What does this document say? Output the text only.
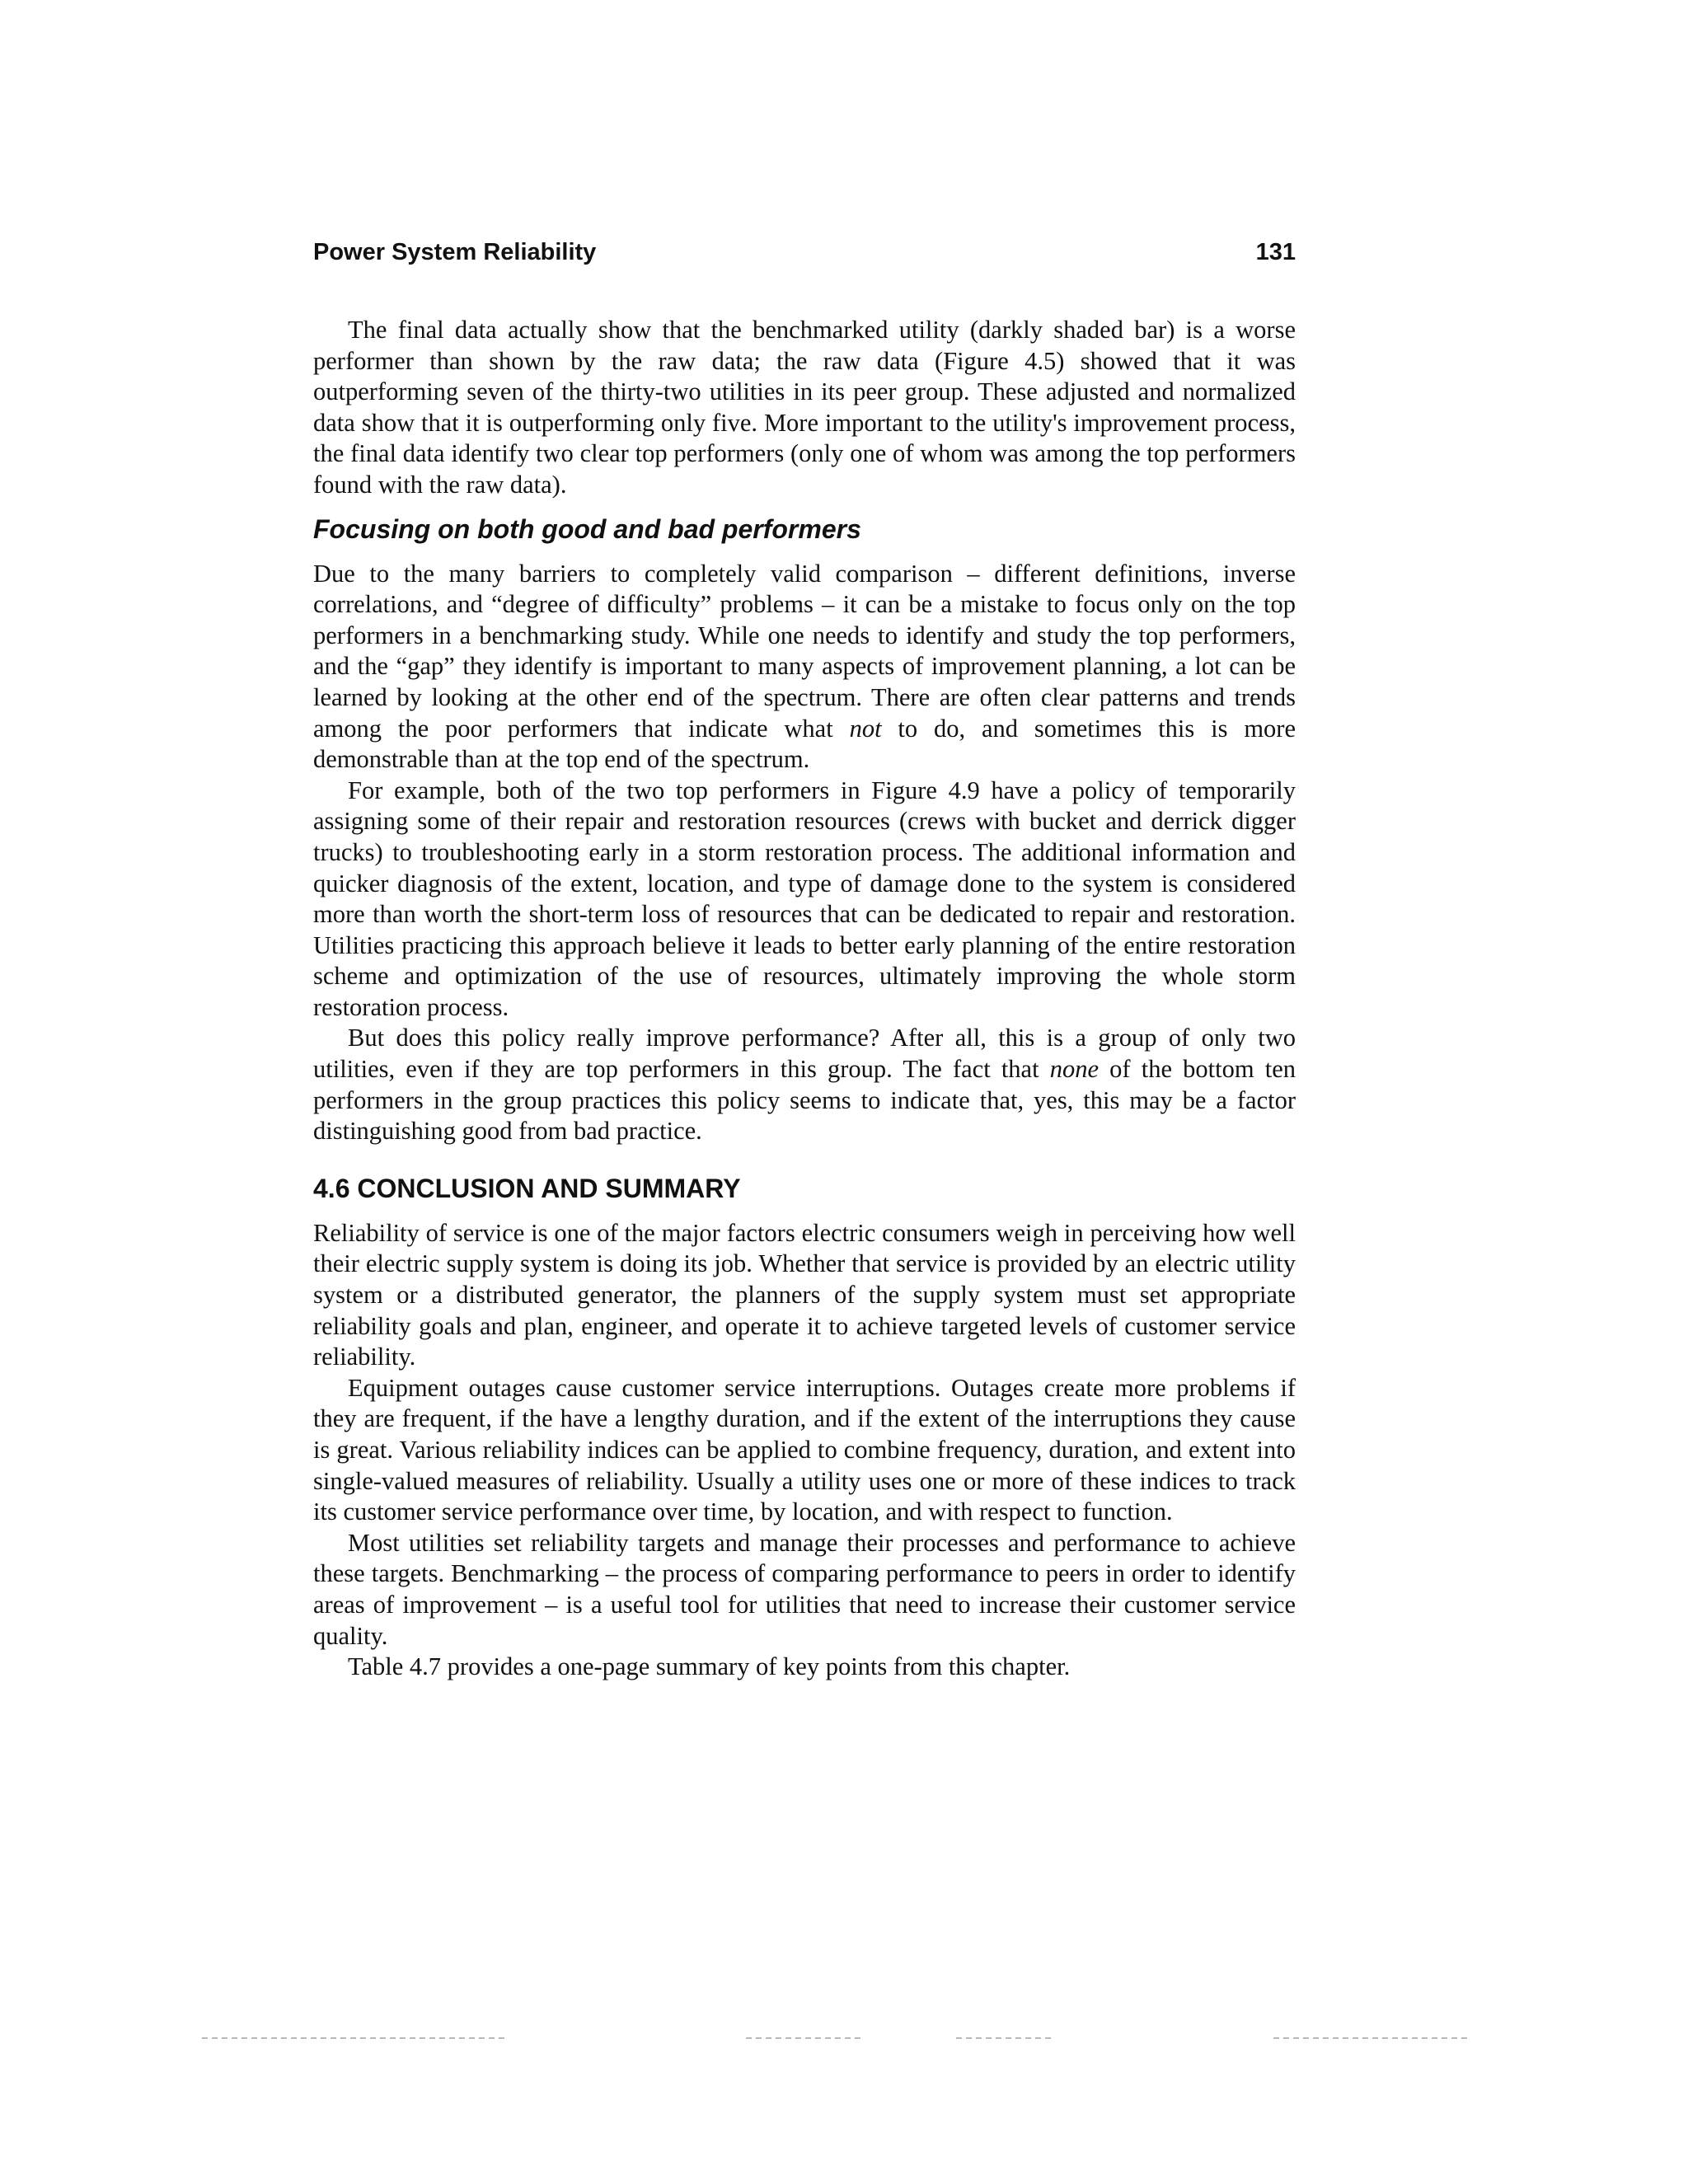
Power System Reliability	131

The final data actually show that the benchmarked utility (darkly shaded bar) is a worse performer than shown by the raw data; the raw data (Figure 4.5) showed that it was outperforming seven of the thirty-two utilities in its peer group. These adjusted and normalized data show that it is outperforming only five. More important to the utility's improvement process, the final data identify two clear top performers (only one of whom was among the top performers found with the raw data).

Focusing on both good and bad performers

Due to the many barriers to completely valid comparison – different definitions, inverse correlations, and “degree of difficulty” problems – it can be a mistake to focus only on the top performers in a benchmarking study. While one needs to identify and study the top performers, and the “gap” they identify is important to many aspects of improvement planning, a lot can be learned by looking at the other end of the spectrum. There are often clear patterns and trends among the poor performers that indicate what not to do, and sometimes this is more demonstrable than at the top end of the spectrum.

For example, both of the two top performers in Figure 4.9 have a policy of temporarily assigning some of their repair and restoration resources (crews with bucket and derrick digger trucks) to troubleshooting early in a storm restoration process. The additional information and quicker diagnosis of the extent, location, and type of damage done to the system is considered more than worth the short-term loss of resources that can be dedicated to repair and restoration. Utilities practicing this approach believe it leads to better early planning of the entire restoration scheme and optimization of the use of resources, ultimately improving the whole storm restoration process.

But does this policy really improve performance? After all, this is a group of only two utilities, even if they are top performers in this group. The fact that none of the bottom ten performers in the group practices this policy seems to indicate that, yes, this may be a factor distinguishing good from bad practice.

4.6 CONCLUSION AND SUMMARY

Reliability of service is one of the major factors electric consumers weigh in perceiving how well their electric supply system is doing its job. Whether that service is provided by an electric utility system or a distributed generator, the planners of the supply system must set appropriate reliability goals and plan, engineer, and operate it to achieve targeted levels of customer service reliability.

Equipment outages cause customer service interruptions. Outages create more problems if they are frequent, if the have a lengthy duration, and if the extent of the interruptions they cause is great. Various reliability indices can be applied to combine frequency, duration, and extent into single-valued measures of reliability. Usually a utility uses one or more of these indices to track its customer service performance over time, by location, and with respect to function.

Most utilities set reliability targets and manage their processes and performance to achieve these targets. Benchmarking – the process of comparing performance to peers in order to identify areas of improvement – is a useful tool for utilities that need to increase their customer service quality.

Table 4.7 provides a one-page summary of key points from this chapter.
